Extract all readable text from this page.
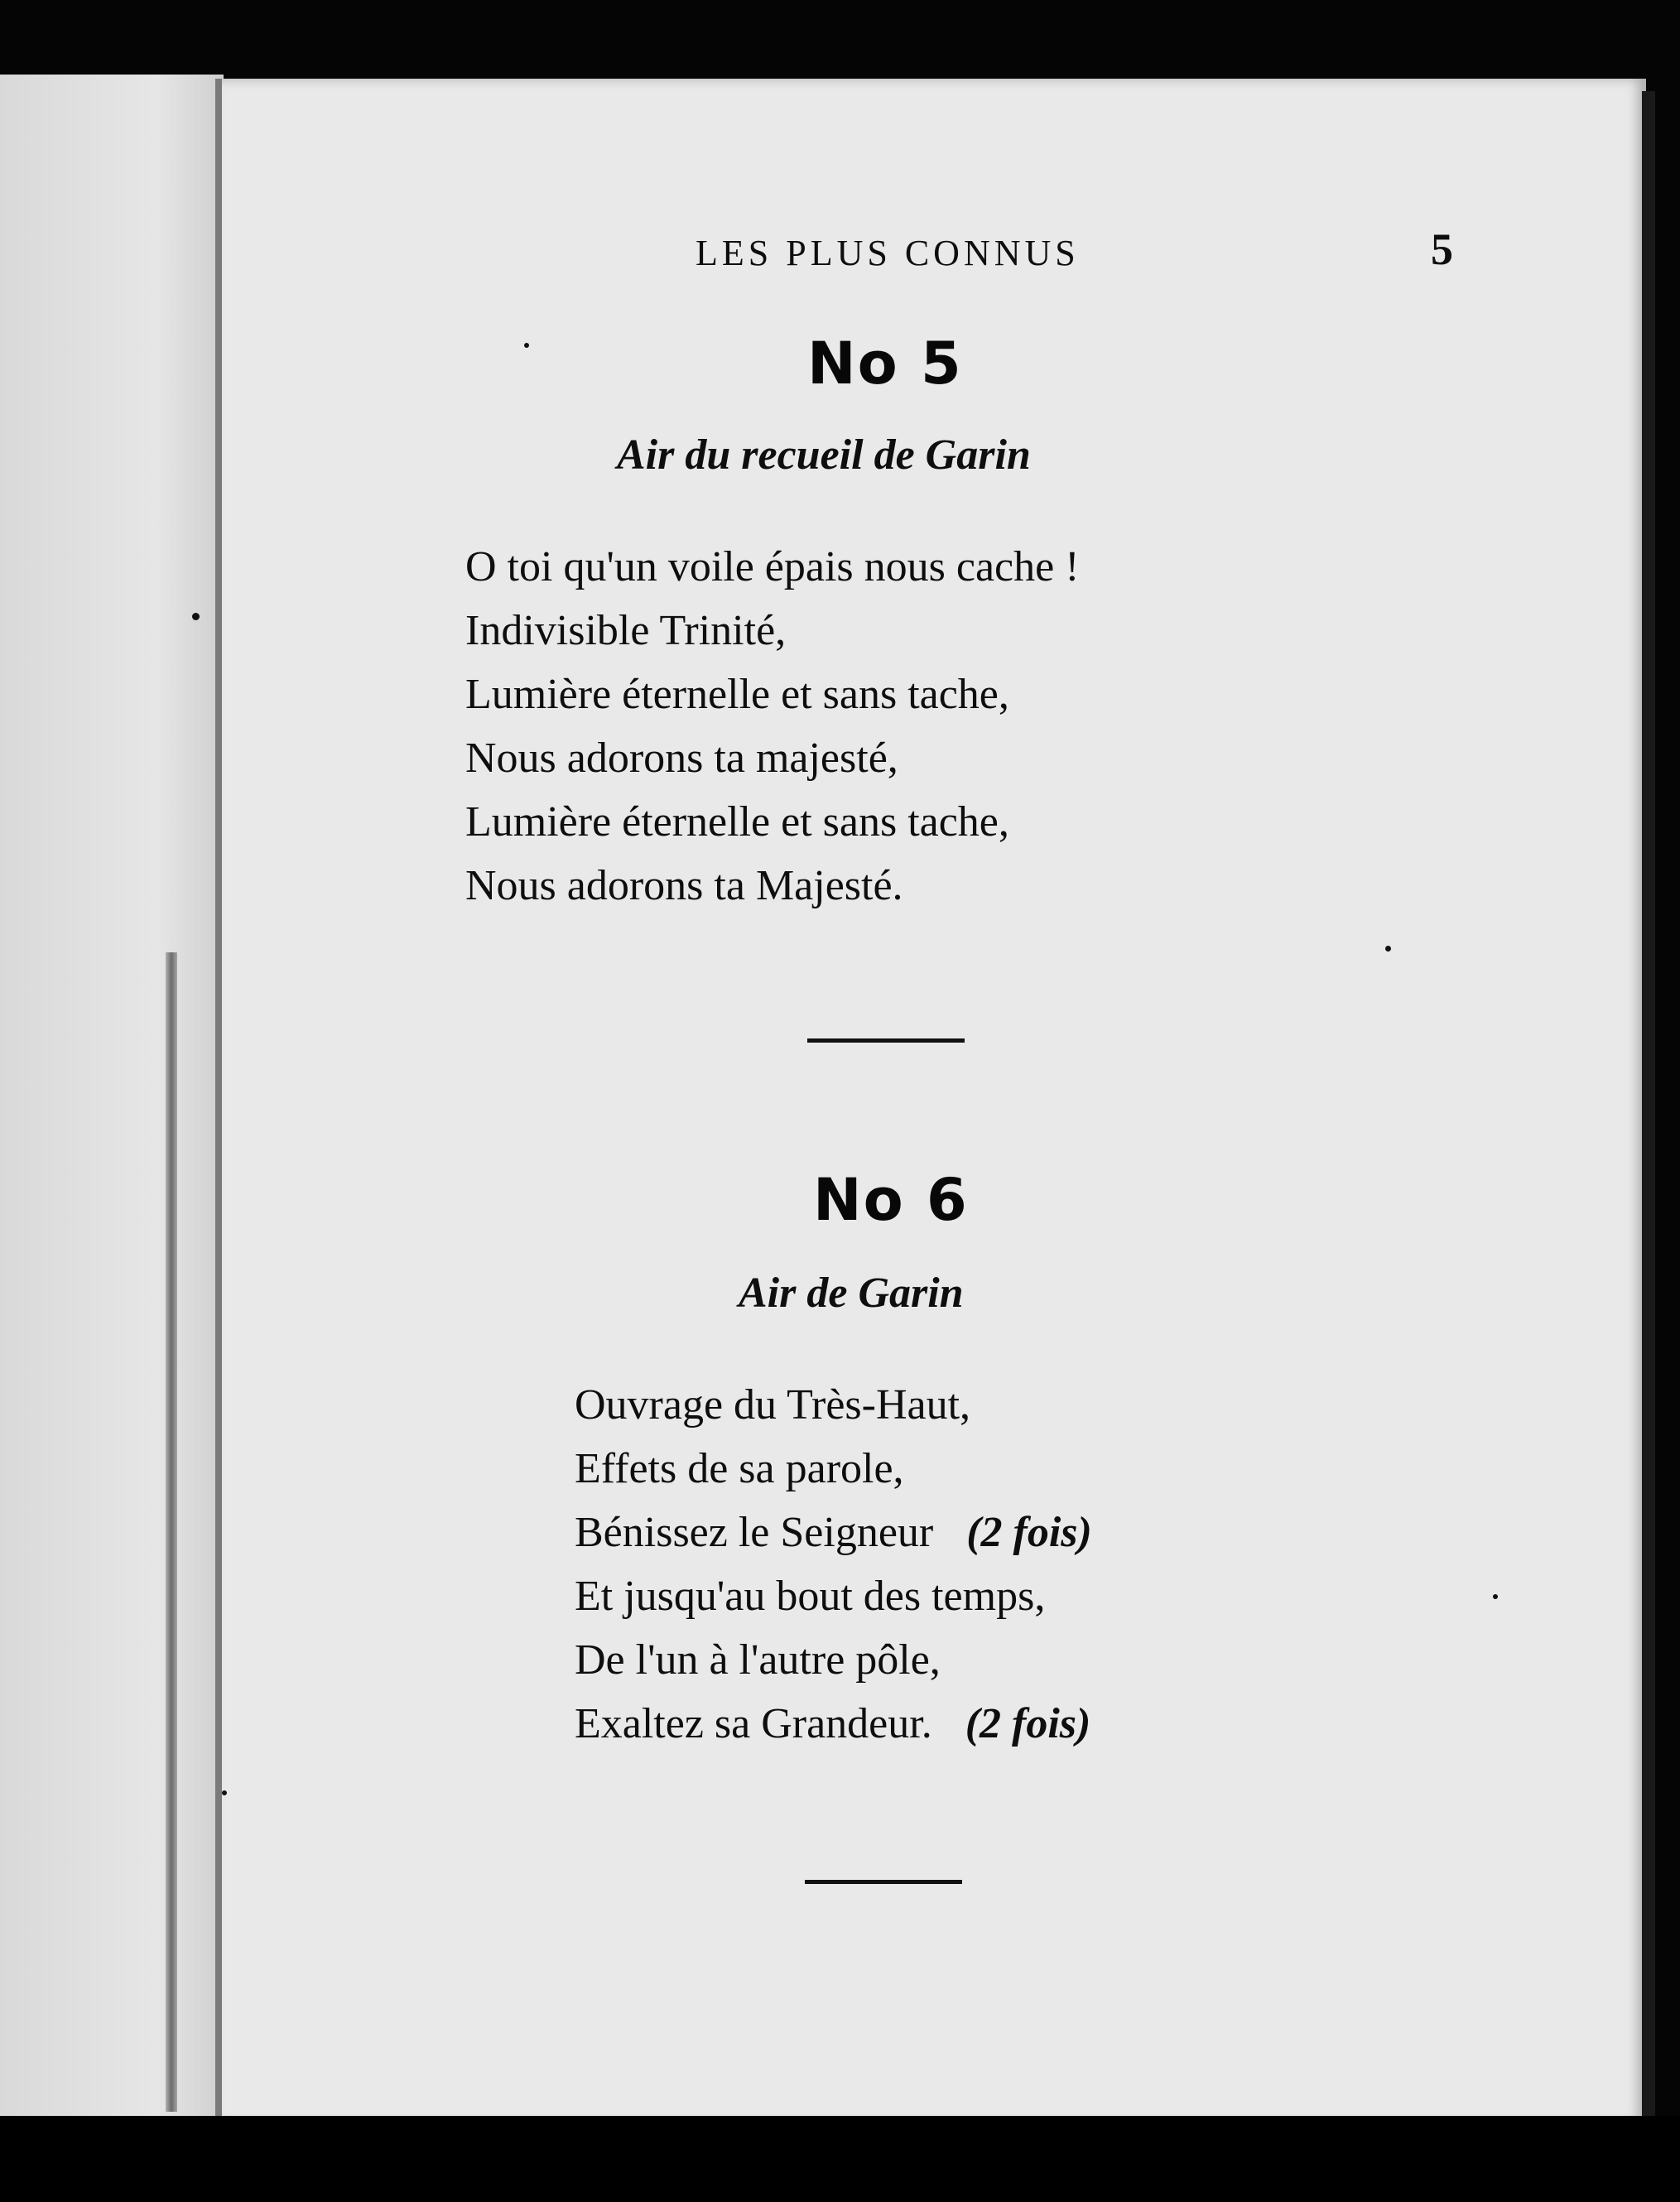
LES PLUS CONNUS	5
No 5
Air du recueil de Garin
O toi qu'un voile épais nous cache !
Indivisible Trinité,
Lumière éternelle et sans tache,
Nous adorons ta majesté,
Lumière éternelle et sans tache,
Nous adorons ta Majesté.
No 6
Air de Garin
Ouvrage du Très-Haut,
Effets de sa parole,
Bénissez le Seigneur (2 fois)
Et jusqu'au bout des temps,
De l'un à l'autre pôle,
Exaltez sa Grandeur. (2 fois)
